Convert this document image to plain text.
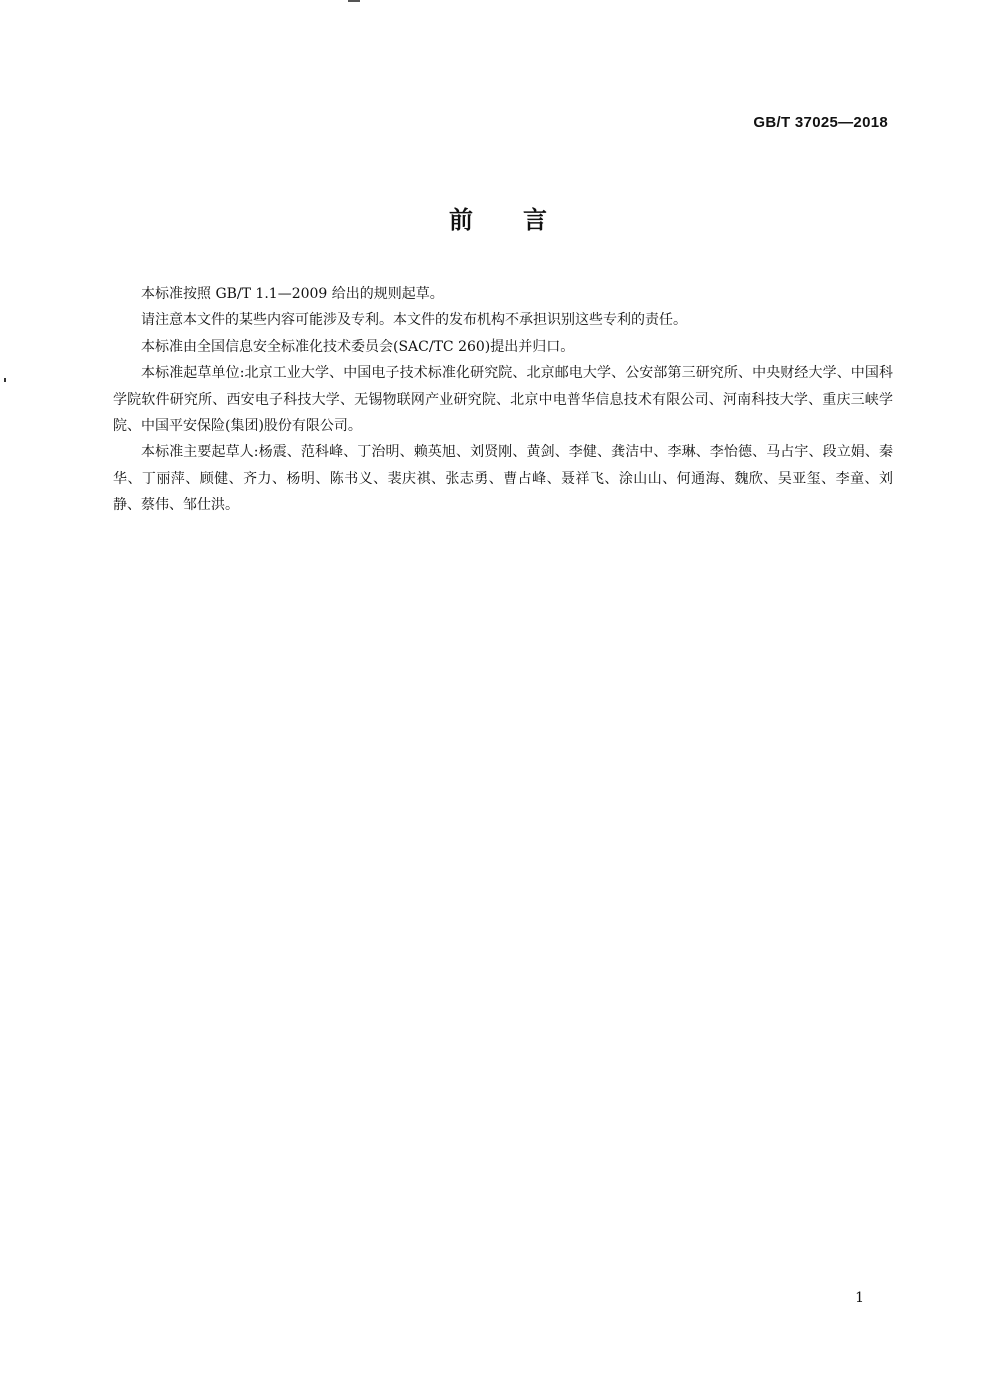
GB/T 37025—2018
前言

本标准按照 GB/T 1.1—2009 给出的规则起草。

请注意本文件的某些内容可能涉及专利。本文件的发布机构不承担识别这些专利的责任。

本标准由全国信息安全标准化技术委员会(SAC/TC 260)提出并归口。

本标准起草单位:北京工业大学、中国电子技术标准化研究院、北京邮电大学、公安部第三研究所、中央财经大学、中国科学院软件研究所、西安电子科技大学、无锡物联网产业研究院、北京中电普华信息技术有限公司、河南科技大学、重庆三峡学院、中国平安保险(集团)股份有限公司。

本标准主要起草人:杨震、范科峰、丁治明、赖英旭、刘贤刚、黄剑、李健、龚洁中、李琳、李怡德、马占宇、段立娟、秦华、丁丽萍、顾健、齐力、杨明、陈书义、裴庆祺、张志勇、曹占峰、聂祥飞、涂山山、何通海、魏欣、吴亚玺、李童、刘静、蔡伟、邹仕洪。

1
